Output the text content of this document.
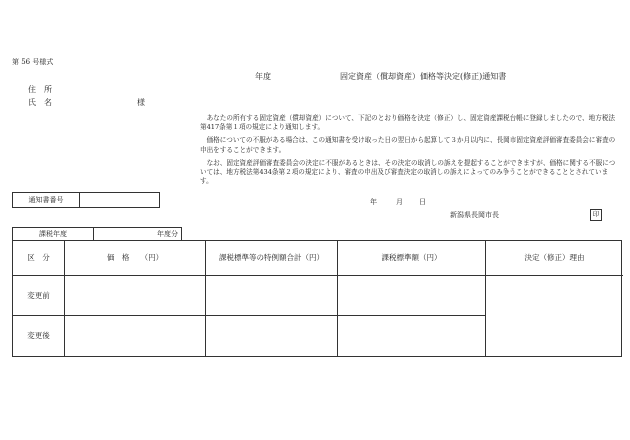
第 56 号様式
年度	固定資産（償却資産）価格等決定(修正)通知書
住　所
氏　名	様

　あなたの所有する固定資産（償却資産）について、下記のとおり価格を決定（修正）し、固定資産課税台帳に登録しましたので、地方税法第417条第１項の規定により通知します。

　価格についての不服がある場合は、この通知書を受け取った日の翌日から起算して３か月以内に、長岡市固定資産評価審査委員会に審査の申出をすることができます。

　なお、固定資産評価審査委員会の決定に不服があるときは、その決定の取消しの訴えを提起することができますが、価格に関する不服については、地方税法第434条第２項の規定により、審査の申出及び審査決定の取消しの訴えによってのみ争うことができることとされています。

通知書番号		年	月 日
新潟県長岡市長	印
課税年度	年度分
区　分	価　格　　（円）	課税標準等の特例額合計（円）	課税標準額（円）	決定（修正）理由
変更前
変更後
